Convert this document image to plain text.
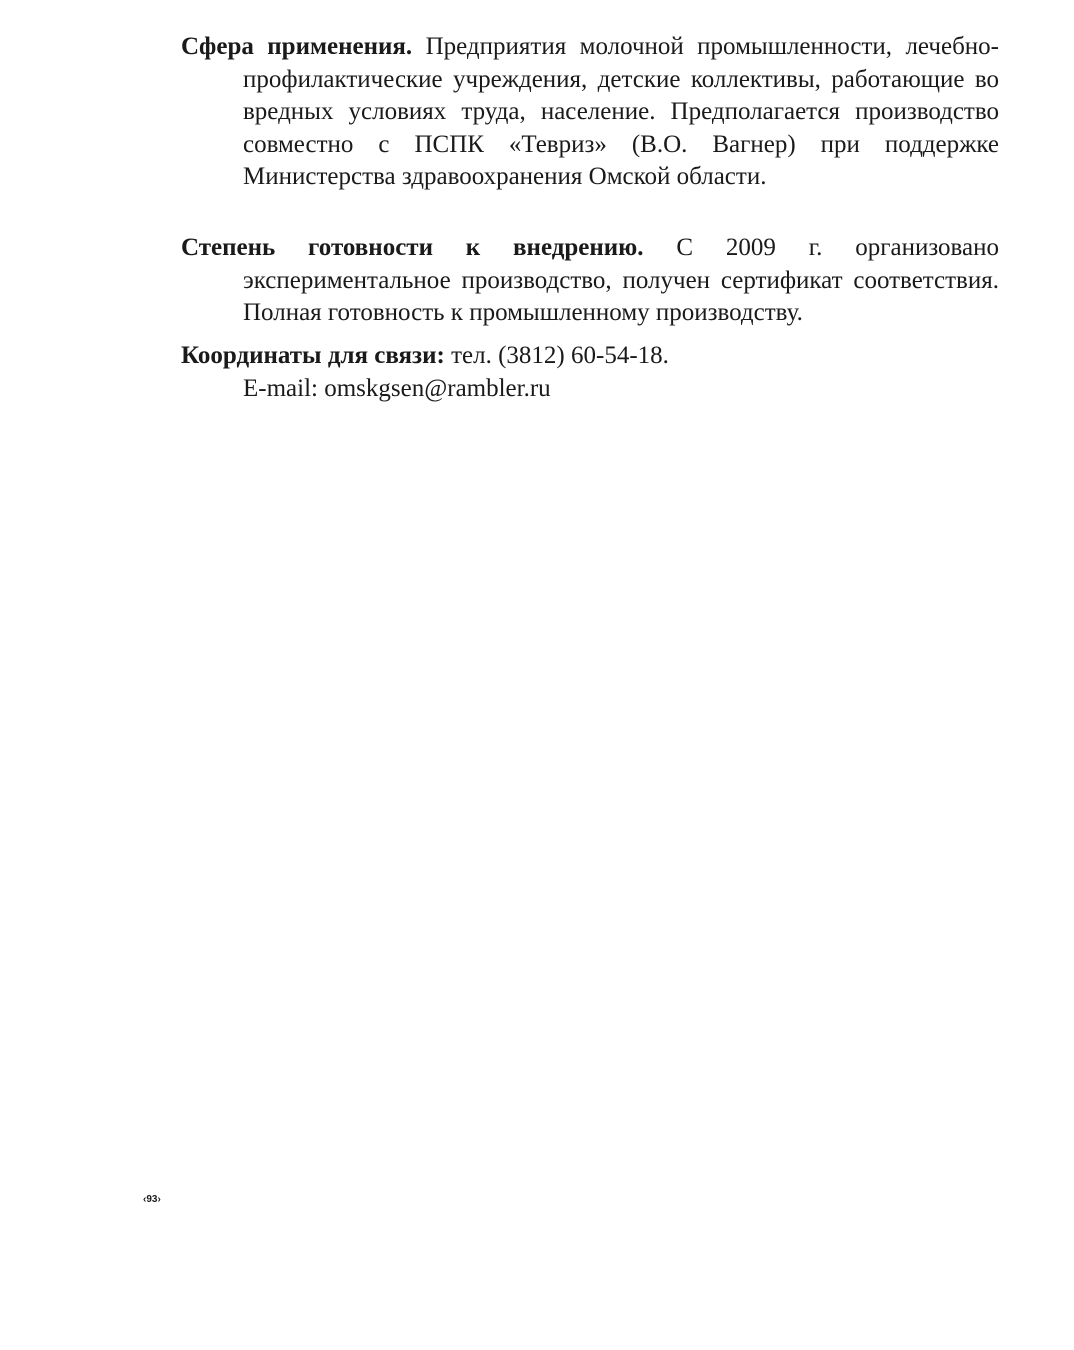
Сфера применения. Предприятия молочной промышленности, лечебно-профилактические учреждения, детские коллективы, работающие во вредных условиях труда, население. Предполагается производство совместно с ПСПК «Тевриз» (В.О. Вагнер) при поддержке Министерства здравоохранения Омской области.

Степень готовности к внедрению. С 2009 г. организовано экспериментальное производство, получен сертификат соответствия. Полная готовность к промышленному производству.

Координаты для связи: тел. (3812) 60-54-18.
E-mail: omskgsen@rambler.ru

‹93›
